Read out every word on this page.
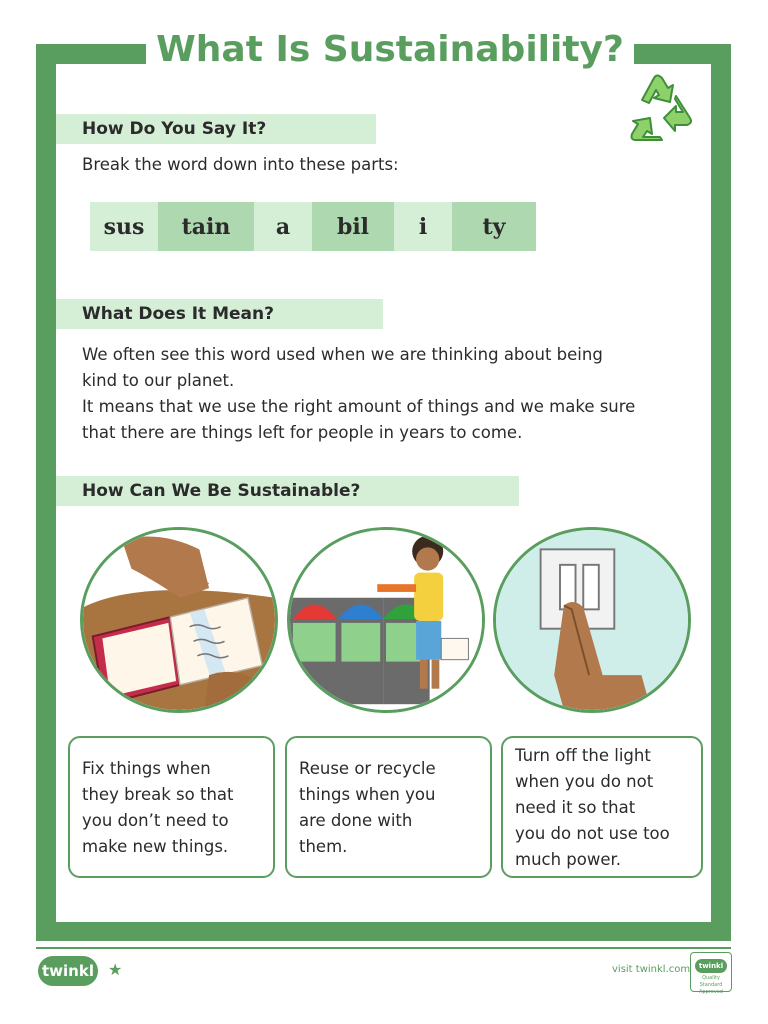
What Is Sustainability?
How Do You Say It?

Break the word down into these parts:

sus	tain	a	bil	i	ty
What Does It Mean?
We often see this word used when we are thinking about being
kind to our planet.
It means that we use the right amount of things and we make sure
that there are things left for people in years to come.
How Can We Be Sustainable?

Fix things when

they break so that

you don’t need to

make new things.

Reuse or recycle

things when you

are done with

them.

Turn off the light

when you do not

need it so that

you do not use too

much power.

twinkl ★	visit twinkl.com	twinkl
Quality Standard Approved
